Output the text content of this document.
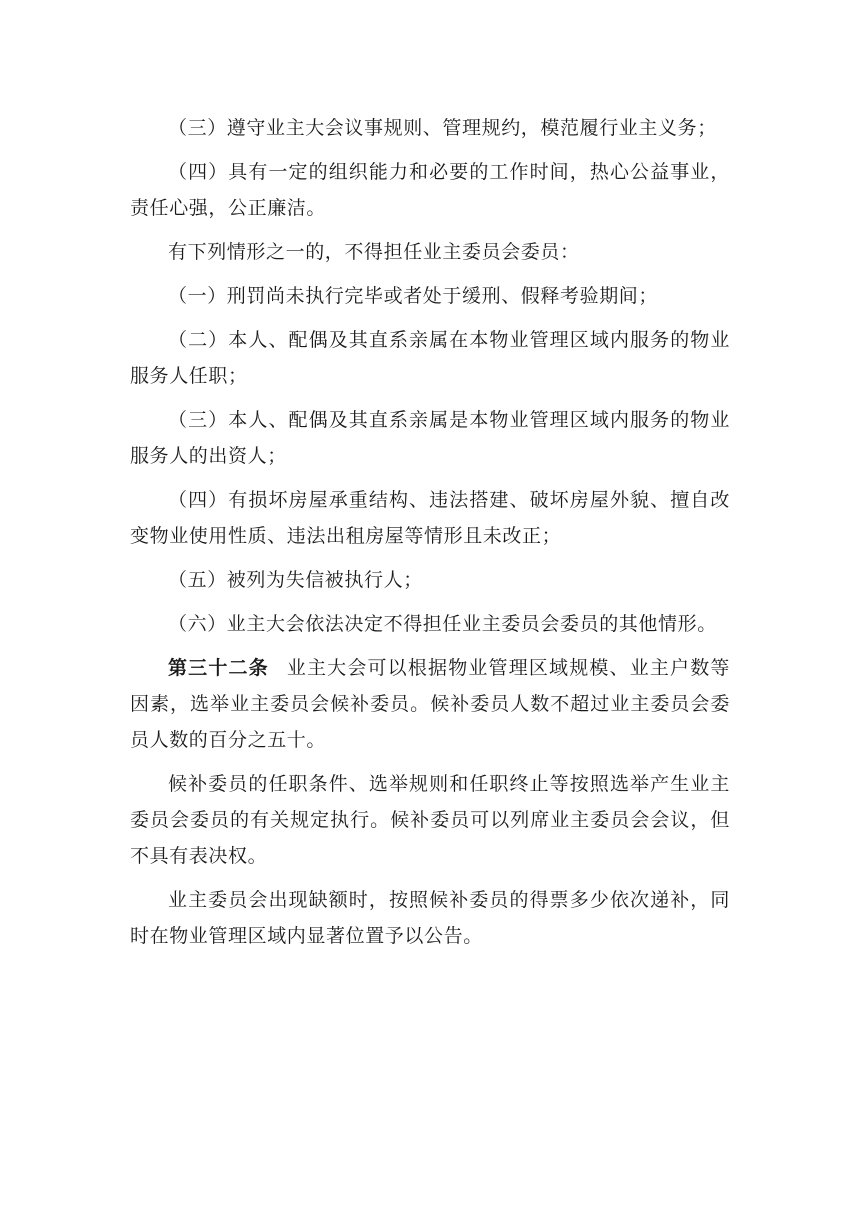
（三）遵守业主大会议事规则、管理规约，模范履行业主义务；

（四）具有一定的组织能力和必要的工作时间，热心公益事业，责任心强，公正廉洁。

有下列情形之一的，不得担任业主委员会委员：

（一）刑罚尚未执行完毕或者处于缓刑、假释考验期间；

（二）本人、配偶及其直系亲属在本物业管理区域内服务的物业服务人任职；

（三）本人、配偶及其直系亲属是本物业管理区域内服务的物业服务人的出资人；

（四）有损坏房屋承重结构、违法搭建、破坏房屋外貌、擅自改变物业使用性质、违法出租房屋等情形且未改正；

（五）被列为失信被执行人；

（六）业主大会依法决定不得担任业主委员会委员的其他情形。

第三十二条 业主大会可以根据物业管理区域规模、业主户数等因素，选举业主委员会候补委员。候补委员人数不超过业主委员会委员人数的百分之五十。

候补委员的任职条件、选举规则和任职终止等按照选举产生业主委员会委员的有关规定执行。候补委员可以列席业主委员会会议，但不具有表决权。

业主委员会出现缺额时，按照候补委员的得票多少依次递补，同时在物业管理区域内显著位置予以公告。
